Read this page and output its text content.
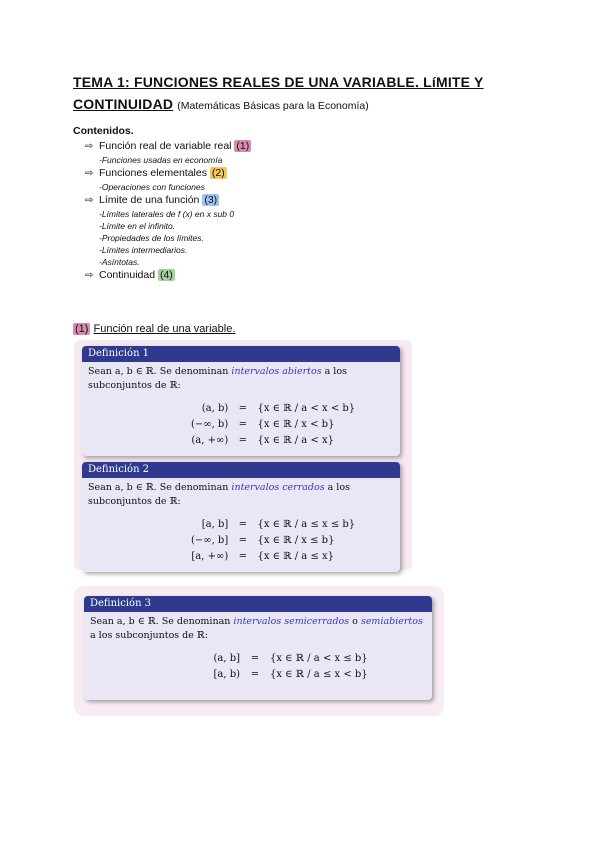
TEMA 1: FUNCIONES REALES DE UNA VARIABLE. LíMITE Y
CONTINUIDAD (Matemáticas Básicas para la Economía)
Contenidos.
⇨ Función real de variable real (1)
-Funciones usadas en economía
⇨ Funciones elementales (2)
-Operaciones con funciones
⇨ Límite de una función (3)
-Límites laterales de f (x) en x sub 0
-Límite en el infinito.
-Propiedades de los límites.
-Límites intermediarios.
-Asíntotas.
⇨ Continuidad (4)
(1) Función real de una variable.
Definición 1
Sean a, b ∈ ℝ. Se denominan intervalos abiertos a los subconjuntos de ℝ:
(a, b)	=	{x ∈ ℝ / a < x < b}
(−∞, b)	=	{x ∈ ℝ / x < b}
(a, +∞)	=	{x ∈ ℝ / a < x}
Definición 2
Sean a, b ∈ ℝ. Se denominan intervalos cerrados a los subconjuntos de ℝ:
[a, b]	=	{x ∈ ℝ / a ≤ x ≤ b}
(−∞, b]	=	{x ∈ ℝ / x ≤ b}
[a, +∞)	=	{x ∈ ℝ / a ≤ x}
Definición 3
Sean a, b ∈ ℝ. Se denominan intervalos semicerrados o semiabiertos a los subconjuntos de ℝ:
(a, b]	=	{x ∈ ℝ / a < x ≤ b}
[a, b)	=	{x ∈ ℝ / a ≤ x < b}
